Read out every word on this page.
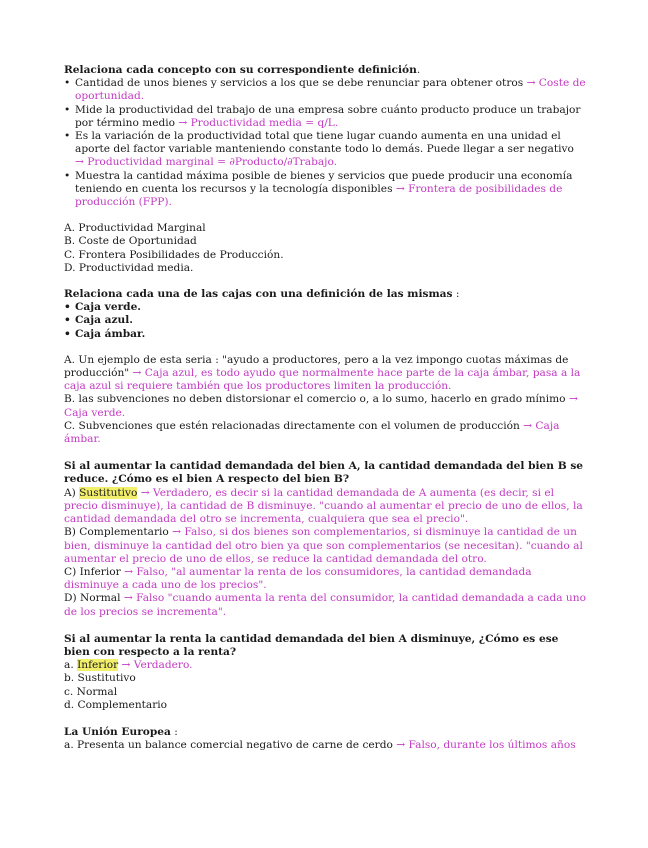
Relaciona cada concepto con su correspondiente definición.
• Cantidad de unos bienes y servicios a los que se debe renunciar para obtener otros → Coste de oportunidad.
• Mide la productividad del trabajo de una empresa sobre cuánto producto produce un trabajor por término medio → Productividad media = q/L.
• Es la variación de la productividad total que tiene lugar cuando aumenta en una unidad el aporte del factor variable manteniendo constante todo lo demás. Puede llegar a ser negativo → Productividad marginal = ∂Producto/∂Trabajo.
• Muestra la cantidad máxima posible de bienes y servicios que puede producir una economía teniendo en cuenta los recursos y la tecnología disponibles → Frontera de posibilidades de producción (FPP).

A. Productividad Marginal

B. Coste de Oportunidad

C. Frontera Posibilidades de Producción.

D. Productividad media.

Relaciona cada una de las cajas con una definición de las mismas :
• Caja verde.
• Caja azul.
• Caja ámbar.

A. Un ejemplo de esta seria : "ayudo a productores, pero a la vez impongo cuotas máximas de producción" → Caja azul, es todo ayudo que normalmente hace parte de la caja ámbar, pasa a la caja azul si requiere también que los productores limiten la producción.

B. las subvenciones no deben distorsionar el comercio o, a lo sumo, hacerlo en grado mínimo → Caja verde.

C. Subvenciones que estén relacionadas directamente con el volumen de producción → Caja ámbar.

Si al aumentar la cantidad demandada del bien A, la cantidad demandada del bien B se reduce. ¿Cómo es el bien A respecto del bien B?

A) Sustitutivo → Verdadero, es decir si la cantidad demandada de A aumenta (es decir, si el precio disminuye), la cantidad de B disminuye. "cuando al aumentar el precio de uno de ellos, la cantidad demandada del otro se incrementa, cualquiera que sea el precio".

B) Complementario → Falso, si dos bienes son complementarios, si disminuye la cantidad de un bien, disminuye la cantidad del otro bien ya que son complementarios (se necesitan). "cuando al aumentar el precio de uno de ellos, se reduce la cantidad demandada del otro.

C) Inferior → Falso, "al aumentar la renta de los consumidores, la cantidad demandada disminuye a cada uno de los precios".

D) Normal → Falso "cuando aumenta la renta del consumidor, la cantidad demandada a cada uno de los precios se incrementa".

Si al aumentar la renta la cantidad demandada del bien A disminuye, ¿Cómo es ese bien con respecto a la renta?

a. Inferior → Verdadero.

b. Sustitutivo

c. Normal

d. Complementario

La Unión Europea :

a. Presenta un balance comercial negativo de carne de cerdo → Falso, durante los últimos años
